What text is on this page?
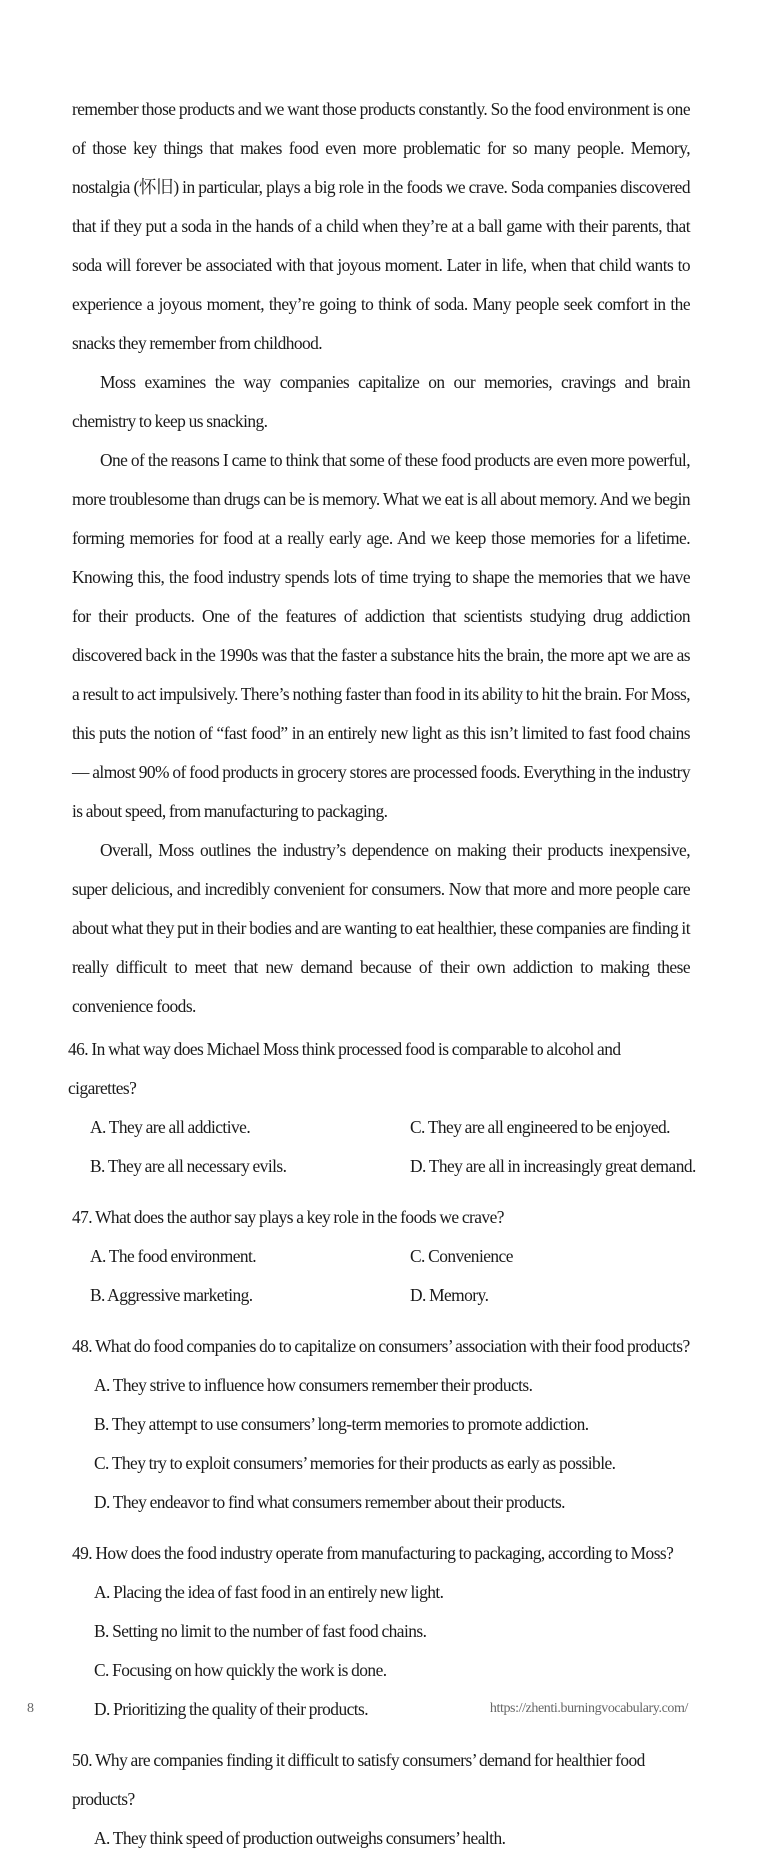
remember those products and we want those products constantly. So the food environment is one of those key things that makes food even more problematic for so many people. Memory, nostalgia (怀旧) in particular, plays a big role in the foods we crave. Soda companies discovered that if they put a soda in the hands of a child when they’re at a ball game with their parents, that soda will forever be associated with that joyous moment. Later in life, when that child wants to experience a joyous moment, they’re going to think of soda. Many people seek comfort in the snacks they remember from childhood.

Moss examines the way companies capitalize on our memories, cravings and brain chemistry to keep us snacking.

One of the reasons I came to think that some of these food products are even more powerful, more troublesome than drugs can be is memory. What we eat is all about memory. And we begin forming memories for food at a really early age. And we keep those memories for a lifetime. Knowing this, the food industry spends lots of time trying to shape the memories that we have for their products. One of the features of addiction that scientists studying drug addiction discovered back in the 1990s was that the faster a substance hits the brain, the more apt we are as a result to act impulsively. There’s nothing faster than food in its ability to hit the brain. For Moss, this puts the notion of “fast food” in an entirely new light as this isn’t limited to fast food chains — almost 90% of food products in grocery stores are processed foods. Everything in the industry is about speed, from manufacturing to packaging.

Overall, Moss outlines the industry’s dependence on making their products inexpensive, super delicious, and incredibly convenient for consumers. Now that more and more people care about what they put in their bodies and are wanting to eat healthier, these companies are finding it really difficult to meet that new demand because of their own addiction to making these convenience foods.

46. In what way does Michael Moss think processed food is comparable to alcohol and cigarettes?

A. They are all addictive.	C. They are all engineered to be enjoyed.
B. They are all necessary evils.	D. They are all in increasingly great demand.

47. What does the author say plays a key role in the foods we crave?

A. The food environment.	C. Convenience
B. Aggressive marketing.	D. Memory.

48. What do food companies do to capitalize on consumers’ association with their food products?

A. They strive to influence how consumers remember their products.
B. They attempt to use consumers’ long-term memories to promote addiction.
C. They try to exploit consumers’ memories for their products as early as possible.
D. They endeavor to find what consumers remember about their products.

49. How does the food industry operate from manufacturing to packaging, according to Moss?

A. Placing the idea of fast food in an entirely new light.
B. Setting no limit to the number of fast food chains.
C. Focusing on how quickly the work is done.
D. Prioritizing the quality of their products.

50. Why are companies finding it difficult to satisfy consumers’ demand for healthier food products?

A. They think speed of production outweighs consumers’ health.
8	https://zhenti.burningvocabulary.com/
